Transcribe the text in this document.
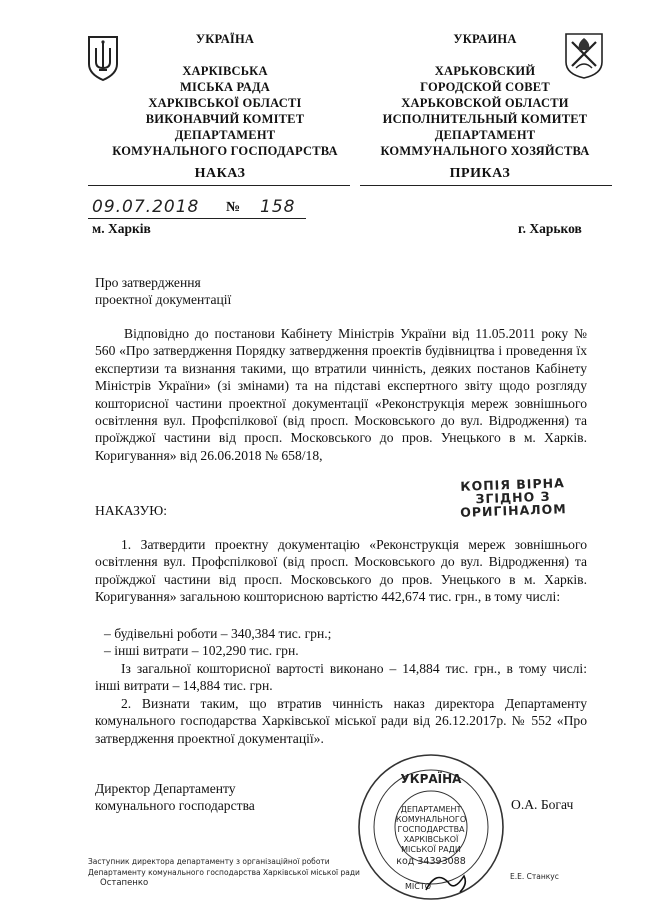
УКРАЇНА
ХАРКІВСЬКА
МІСЬКА РАДА
ХАРКІВСЬКОЇ ОБЛАСТІ
ВИКОНАВЧИЙ КОМІТЕТ
ДЕПАРТАМЕНТ
КОМУНАЛЬНОГО ГОСПОДАРСТВА
УКРАИНА
ХАРЬКОВСКИЙ
ГОРОДСКОЙ СОВЕТ
ХАРЬКОВСКОЙ ОБЛАСТИ
ИСПОЛНИТЕЛЬНЫЙ КОМИТЕТ
ДЕПАРТАМЕНТ
КОММУНАЛЬНОГО ХОЗЯЙСТВА
НАКАЗ	ПРИКАЗ
09.07.2018 № 158
м. Харків	г. Харьков
Про затвердження
проектної документації
Відповідно до постанови Кабінету Міністрів України від 11.05.2011 року № 560 «Про затвердження Порядку затвердження проектів будівництва і проведення їх експертизи та визнання такими, що втратили чинність, деяких постанов Кабінету Міністрів України» (зі змінами) та на підставі експертного звіту щодо розгляду кошторисної частини проектної документації «Реконструкція мереж зовнішнього освітлення вул. Профспілкової (від просп. Московського до вул. Відродження) та проїжджої частини від просп. Московського до пров. Унецького в м. Харків. Коригування» від 26.06.2018 № 658/18,
НАКАЗУЮ:
КОПІЯ ВІРНА
ЗГІДНО З
ОРИГІНАЛОМ
1. Затвердити проектну документацію «Реконструкція мереж зовнішнього освітлення вул. Профспілкової (від просп. Московського до вул. Відродження) та проїжджої частини від просп. Московського до пров. Унецького в м. Харків. Коригування» загальною кошторисною вартістю 442,674 тис. грн., в тому числі:
– будівельні роботи – 340,384 тис. грн.;
– інші витрати – 102,290 тис. грн.
Із загальної кошторисної вартості виконано – 14,884 тис. грн., в тому числі: інші витрати – 14,884 тис. грн.
2. Визнати таким, що втратив чинність наказ директора Департаменту комунального господарства Харківської міської ради від 26.12.2017р. № 552 «Про затвердження проектної документації».
Директор Департаменту
комунального господарства	О.А. Богач
УКРАЇНА
ДЕПАРТАМЕНТ
КОМУНАЛЬНОГО
ГОСПОДАРСТВА
ХАРКІВСЬКОЇ
МІСЬКОЇ РАДИ
код 34393088
МІСТО
Заступник директора департаменту з організаційної роботи
Департаменту комунального господарства Харківської міської ради
Остапенко
Е.Е. Станкус
